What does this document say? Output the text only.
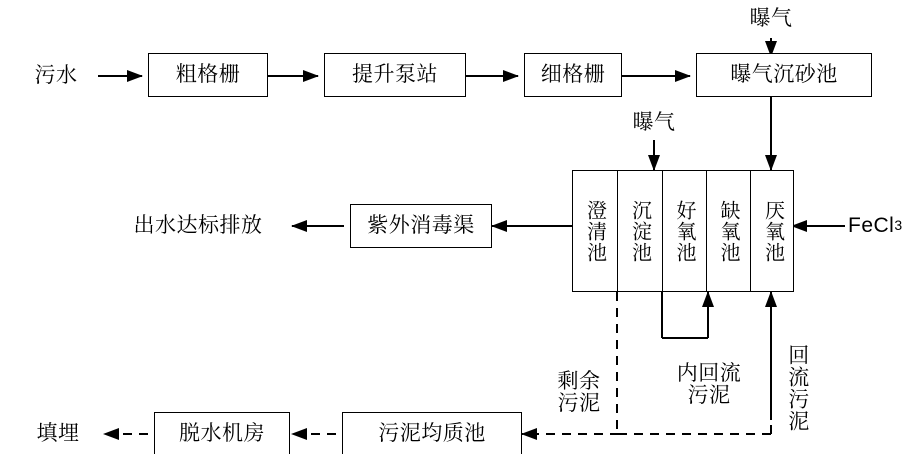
污水	粗格栅	提升泵站	细格栅	曝气沉砂池
曝气
曝气
澄清池	沉淀池	好氧池	缺氧池	厌氧池	FeCl 3
紫外消毒渠
出水达标排放
内回流污泥	回流污泥
剩余污泥
污泥均质池
脱水机房
填埋
